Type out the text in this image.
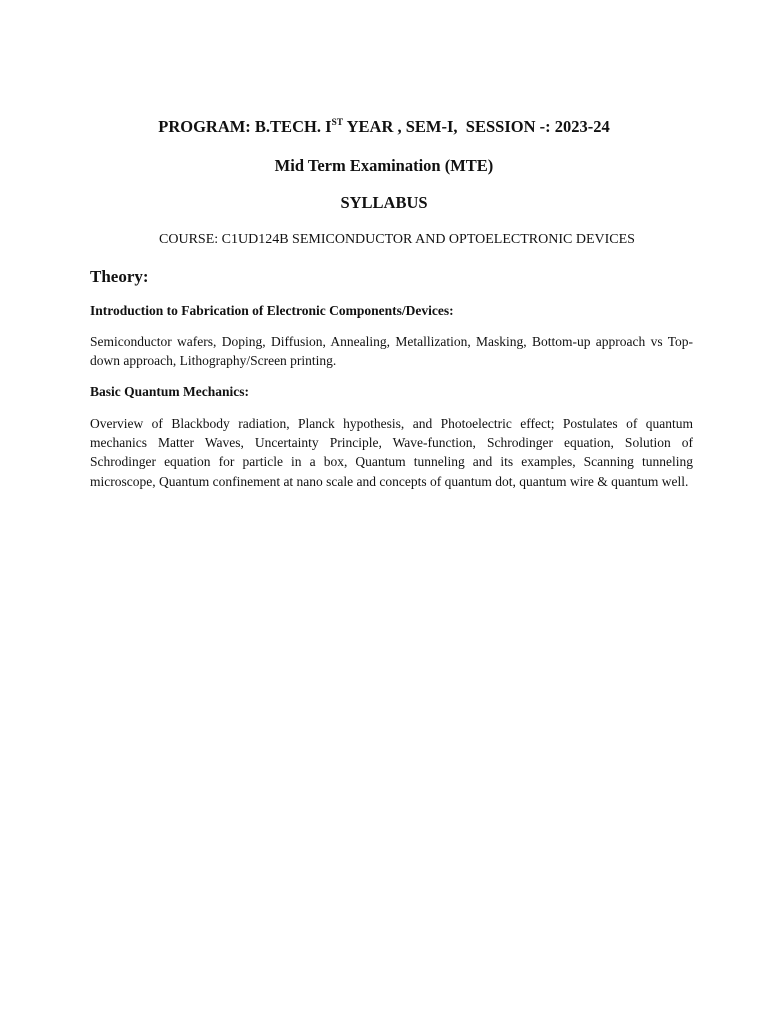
PROGRAM: B.TECH. IST YEAR , SEM-I,  SESSION -: 2023-24
Mid Term Examination (MTE)
SYLLABUS
COURSE: C1UD124B SEMICONDUCTOR AND OPTOELECTRONIC DEVICES
Theory:
Introduction to Fabrication of Electronic Components/Devices:
Semiconductor wafers, Doping, Diffusion, Annealing, Metallization, Masking, Bottom-up approach vs Top-down approach, Lithography/Screen printing.
Basic Quantum Mechanics:
Overview of Blackbody radiation, Planck hypothesis, and Photoelectric effect; Postulates of quantum mechanics Matter Waves, Uncertainty Principle, Wave-function, Schrodinger equation, Solution of Schrodinger equation for particle in a box, Quantum tunneling and its examples, Scanning tunneling microscope, Quantum confinement at nano scale and concepts of quantum dot, quantum wire & quantum well.
